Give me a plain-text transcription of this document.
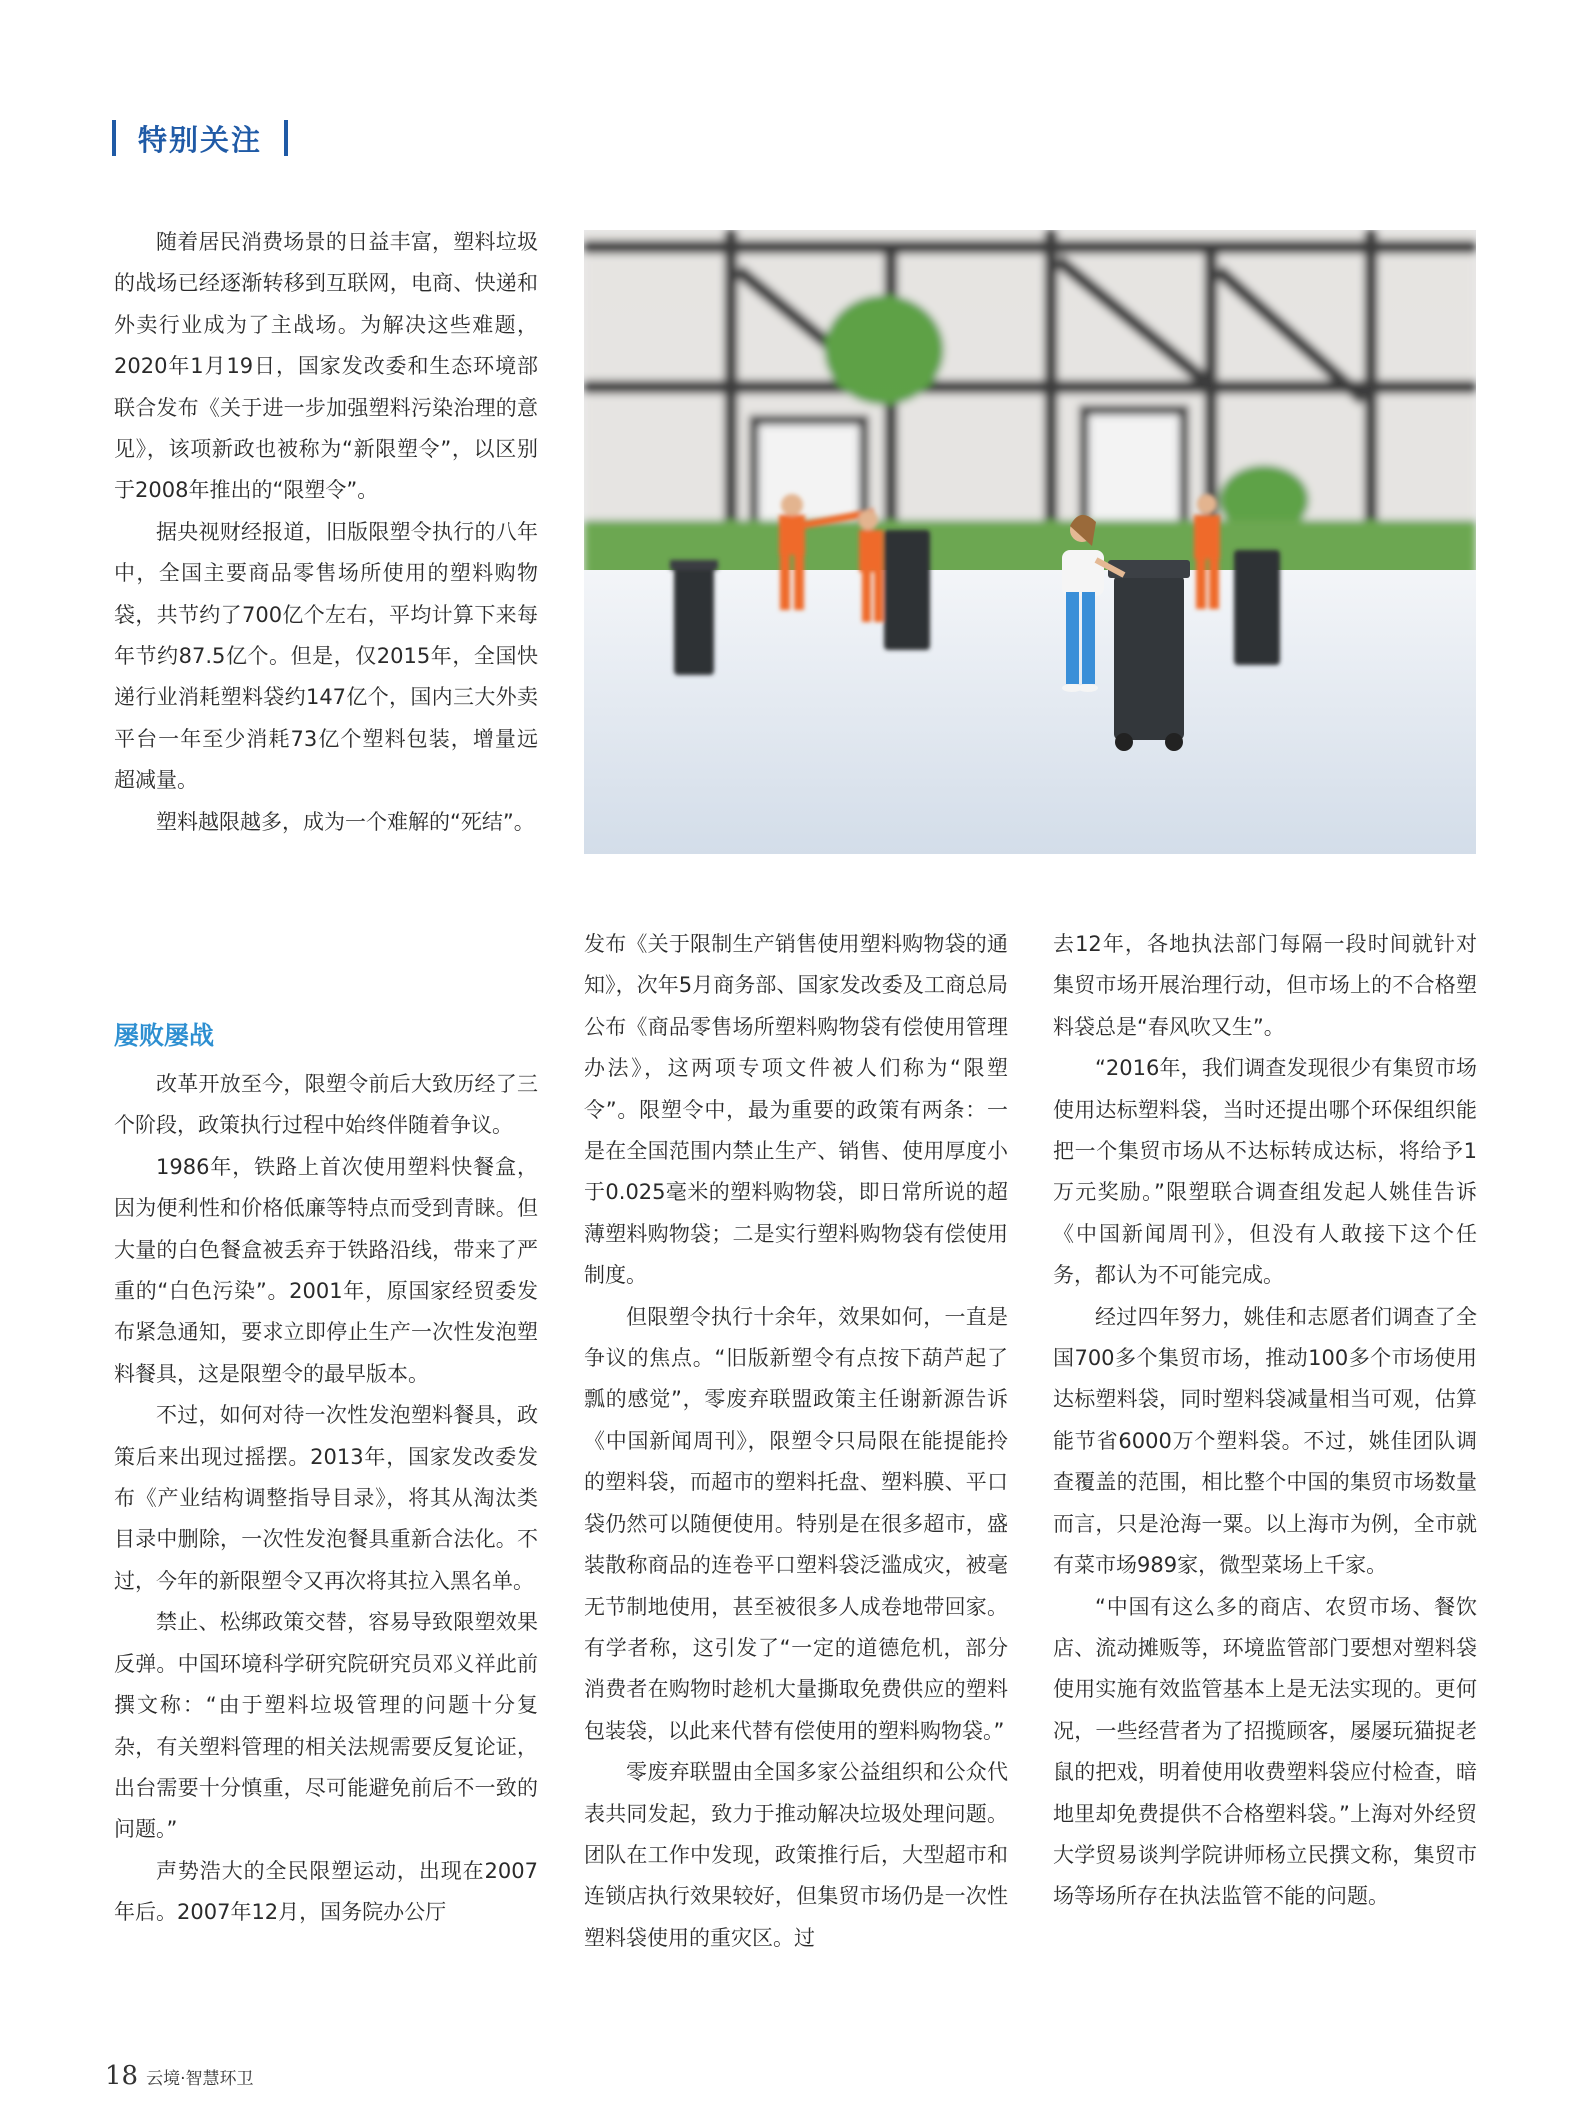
特别关注

随着居民消费场景的日益丰富，塑料垃圾的战场已经逐渐转移到互联网，电商、快递和外卖行业成为了主战场。为解决这些难题，2020年1月19日，国家发改委和生态环境部联合发布《关于进一步加强塑料污染治理的意见》，该项新政也被称为“新限塑令”，以区别于2008年推出的“限塑令”。

据央视财经报道，旧版限塑令执行的八年中，全国主要商品零售场所使用的塑料购物袋，共节约了700亿个左右，平均计算下来每年节约87.5亿个。但是，仅2015年，全国快递行业消耗塑料袋约147亿个，国内三大外卖平台一年至少消耗73亿个塑料包装，增量远超减量。

塑料越限越多，成为一个难解的“死结”。

屡败屡战

改革开放至今，限塑令前后大致历经了三个阶段，政策执行过程中始终伴随着争议。

1986年，铁路上首次使用塑料快餐盒，因为便利性和价格低廉等特点而受到青睐。但大量的白色餐盒被丢弃于铁路沿线，带来了严重的“白色污染”。2001年，原国家经贸委发布紧急通知，要求立即停止生产一次性发泡塑料餐具，这是限塑令的最早版本。

不过，如何对待一次性发泡塑料餐具，政策后来出现过摇摆。2013年，国家发改委发布《产业结构调整指导目录》，将其从淘汰类目录中删除，一次性发泡餐具重新合法化。不过，今年的新限塑令又再次将其拉入黑名单。

禁止、松绑政策交替，容易导致限塑效果反弹。中国环境科学研究院研究员邓义祥此前撰文称：“由于塑料垃圾管理的问题十分复杂，有关塑料管理的相关法规需要反复论证，出台需要十分慎重，尽可能避免前后不一致的问题。”

声势浩大的全民限塑运动，出现在2007年后。2007年12月，国务院办公厅

发布《关于限制生产销售使用塑料购物袋的通知》，次年5月商务部、国家发改委及工商总局公布《商品零售场所塑料购物袋有偿使用管理办法》，这两项专项文件被人们称为“限塑令”。限塑令中，最为重要的政策有两条：一是在全国范围内禁止生产、销售、使用厚度小于0.025毫米的塑料购物袋，即日常所说的超薄塑料购物袋；二是实行塑料购物袋有偿使用制度。

但限塑令执行十余年，效果如何，一直是争议的焦点。“旧版新塑令有点按下葫芦起了瓢的感觉”，零废弃联盟政策主任谢新源告诉《中国新闻周刊》，限塑令只局限在能提能拎的塑料袋，而超市的塑料托盘、塑料膜、平口袋仍然可以随便使用。特别是在很多超市，盛装散称商品的连卷平口塑料袋泛滥成灾，被毫无节制地使用，甚至被很多人成卷地带回家。有学者称，这引发了“一定的道德危机，部分消费者在购物时趁机大量撕取免费供应的塑料包装袋，以此来代替有偿使用的塑料购物袋。”

零废弃联盟由全国多家公益组织和公众代表共同发起，致力于推动解决垃圾处理问题。团队在工作中发现，政策推行后，大型超市和连锁店执行效果较好，但集贸市场仍是一次性塑料袋使用的重灾区。过

去12年，各地执法部门每隔一段时间就针对集贸市场开展治理行动，但市场上的不合格塑料袋总是“春风吹又生”。

“2016年，我们调查发现很少有集贸市场使用达标塑料袋，当时还提出哪个环保组织能把一个集贸市场从不达标转成达标，将给予1万元奖励。”限塑联合调查组发起人姚佳告诉《中国新闻周刊》，但没有人敢接下这个任务，都认为不可能完成。

经过四年努力，姚佳和志愿者们调查了全国700多个集贸市场，推动100多个市场使用达标塑料袋，同时塑料袋减量相当可观，估算能节省6000万个塑料袋。不过，姚佳团队调查覆盖的范围，相比整个中国的集贸市场数量而言，只是沧海一粟。以上海市为例，全市就有菜市场989家，微型菜场上千家。

“中国有这么多的商店、农贸市场、餐饮店、流动摊贩等，环境监管部门要想对塑料袋使用实施有效监管基本上是无法实现的。更何况，一些经营者为了招揽顾客，屡屡玩猫捉老鼠的把戏，明着使用收费塑料袋应付检查，暗地里却免费提供不合格塑料袋。”上海对外经贸大学贸易谈判学院讲师杨立民撰文称，集贸市场等场所存在执法监管不能的问题。

18 云境·智慧环卫
